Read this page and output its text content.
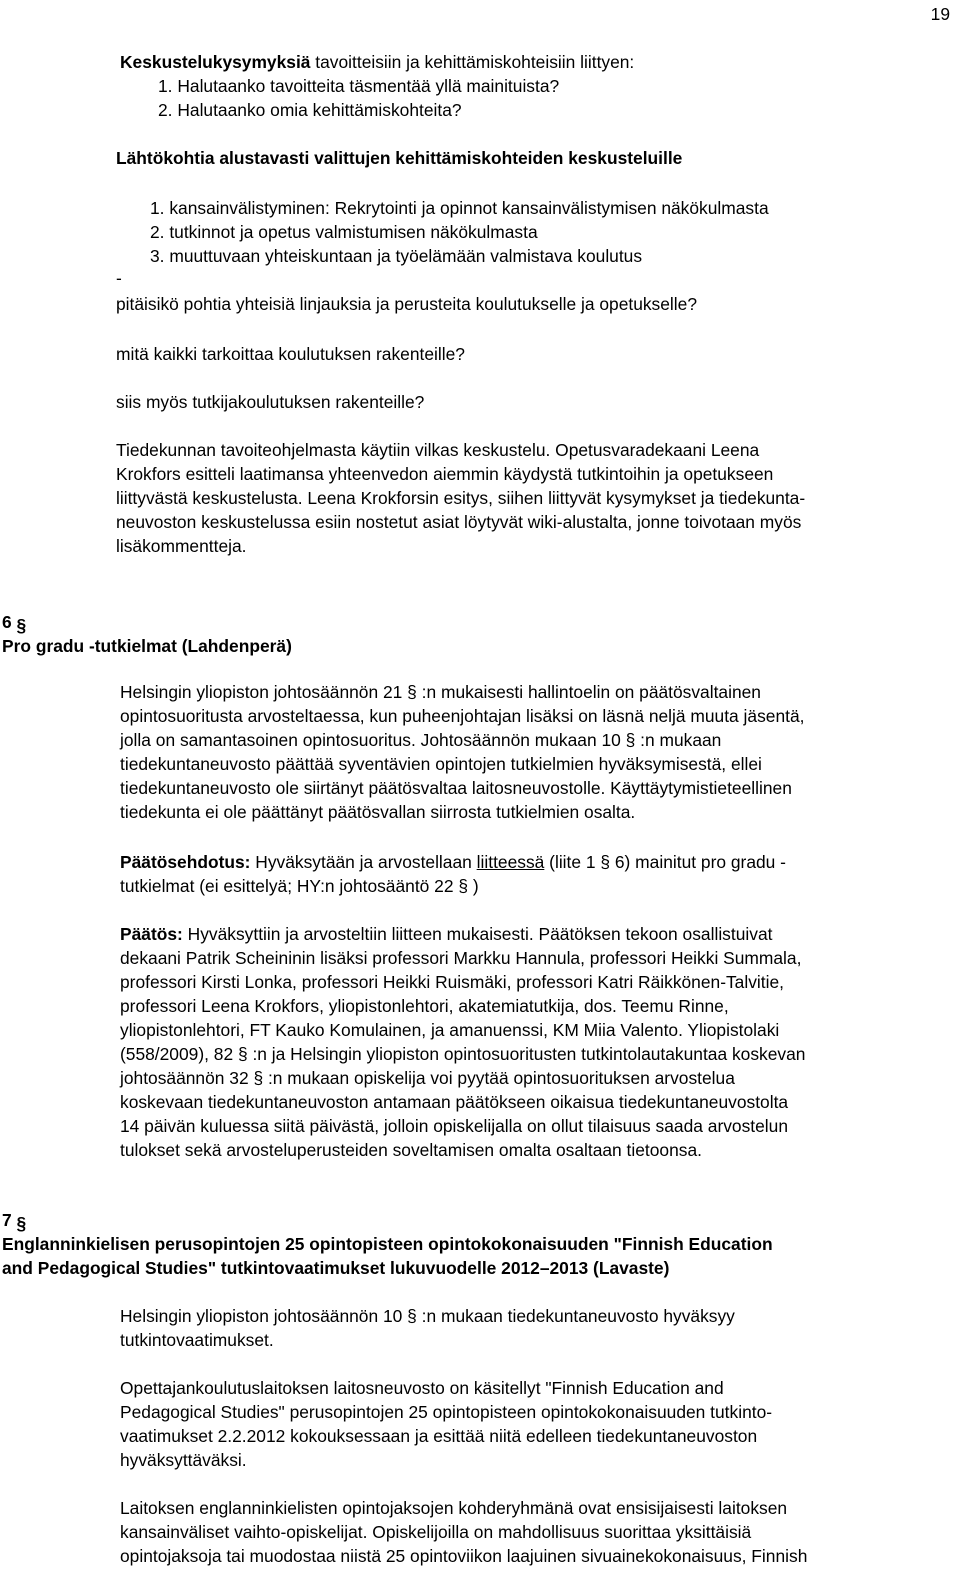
19
Keskustelukysymyksiä tavoitteisiin ja kehittämiskohteisiin liittyen:
1. Halutaanko tavoitteita täsmentää yllä mainituista?
2. Halutaanko omia kehittämiskohteita?
Lähtökohtia alustavasti valittujen kehittämiskohteiden keskusteluille
1. kansainvälistyminen: Rekrytointi ja opinnot kansainvälistymisen näkökulmasta
2. tutkinnot ja opetus valmistumisen näkökulmasta
3. muuttuvaan yhteiskuntaan ja työelämään valmistava koulutus
-
pitäisikö pohtia yhteisiä linjauksia ja perusteita koulutukselle ja opetukselle?
mitä kaikki tarkoittaa koulutuksen rakenteille?
siis myös tutkijakoulutuksen rakenteille?
Tiedekunnan tavoiteohjelmasta käytiin vilkas keskustelu. Opetusvaradekaani Leena
Krokfors esitteli laatimansa yhteenvedon aiemmin käydystä tutkintoihin ja opetukseen
liittyvästä keskustelusta. Leena Krokforsin esitys, siihen liittyvät kysymykset ja tiedekunta-
neuvoston keskustelussa esiin nostetut asiat löytyvät wiki-alustalta, jonne toivotaan myös
lisäkommentteja.
6 §
Pro gradu -tutkielmat (Lahdenperä)
Helsingin yliopiston johtosäännön 21 § :n mukaisesti hallintoelin on päätösvaltainen
opintosuoritusta arvosteltaessa, kun puheenjohtajan lisäksi on läsnä neljä muuta jäsentä,
jolla on samantasoinen opintosuoritus. Johtosäännön mukaan 10 § :n mukaan
tiedekuntaneuvosto päättää syventävien opintojen tutkielmien hyväksymisestä, ellei
tiedekuntaneuvosto ole siirtänyt päätösvaltaa laitosneuvostolle. Käyttäytymistieteellinen
tiedekunta ei ole päättänyt päätösvallan siirrosta tutkielmien osalta.
Päätösehdotus: Hyväksytään ja arvostellaan liitteessä (liite 1 § 6) mainitut pro gradu -
tutkielmat (ei esittelyä; HY:n johtosääntö 22 § )
Päätös: Hyväksyttiin ja arvosteltiin liitteen mukaisesti. Päätöksen tekoon osallistuivat
dekaani Patrik Scheininin lisäksi professori Markku Hannula, professori Heikki Summala,
professori Kirsti Lonka, professori Heikki Ruismäki, professori Katri Räikkönen-Talvitie,
professori Leena Krokfors, yliopistonlehtori, akatemiatutkija, dos. Teemu Rinne,
yliopistonlehtori, FT Kauko Komulainen, ja amanuenssi, KM Miia Valento. Yliopistolaki
(558/2009), 82 § :n ja Helsingin yliopiston opintosuoritusten tutkintolautakuntaa koskevan
johtosäännön 32 § :n mukaan opiskelija voi pyytää opintosuorituksen arvostelua
koskevaan tiedekuntaneuvoston antamaan päätökseen oikaisua tiedekuntaneuvostolta
14 päivän kuluessa siitä päivästä, jolloin opiskelijalla on ollut tilaisuus saada arvostelun
tulokset sekä arvosteluperusteiden soveltamisen omalta osaltaan tietoonsa.
7 §
Englanninkielisen perusopintojen 25 opintopisteen opintokokonaisuuden "Finnish Education
and Pedagogical Studies" tutkintovaatimukset lukuvuodelle 2012–2013 (Lavaste)
Helsingin yliopiston johtosäännön 10 § :n mukaan tiedekuntaneuvosto hyväksyy
tutkintovaatimukset.
Opettajankoulutuslaitoksen laitosneuvosto on käsitellyt "Finnish Education and
Pedagogical Studies" perusopintojen 25 opintopisteen opintokokonaisuuden tutkinto-
vaatimukset 2.2.2012 kokouksessaan ja esittää niitä edelleen tiedekuntaneuvoston
hyväksyttäväksi.
Laitoksen englanninkielisten opintojaksojen kohderyhmänä ovat ensisijaisesti laitoksen
kansainväliset vaihto-opiskelijat. Opiskelijoilla on mahdollisuus suorittaa yksittäisiä
opintojaksoja tai muodostaa niistä 25 opintoviikon laajuinen sivuainekokonaisuus, Finnish
